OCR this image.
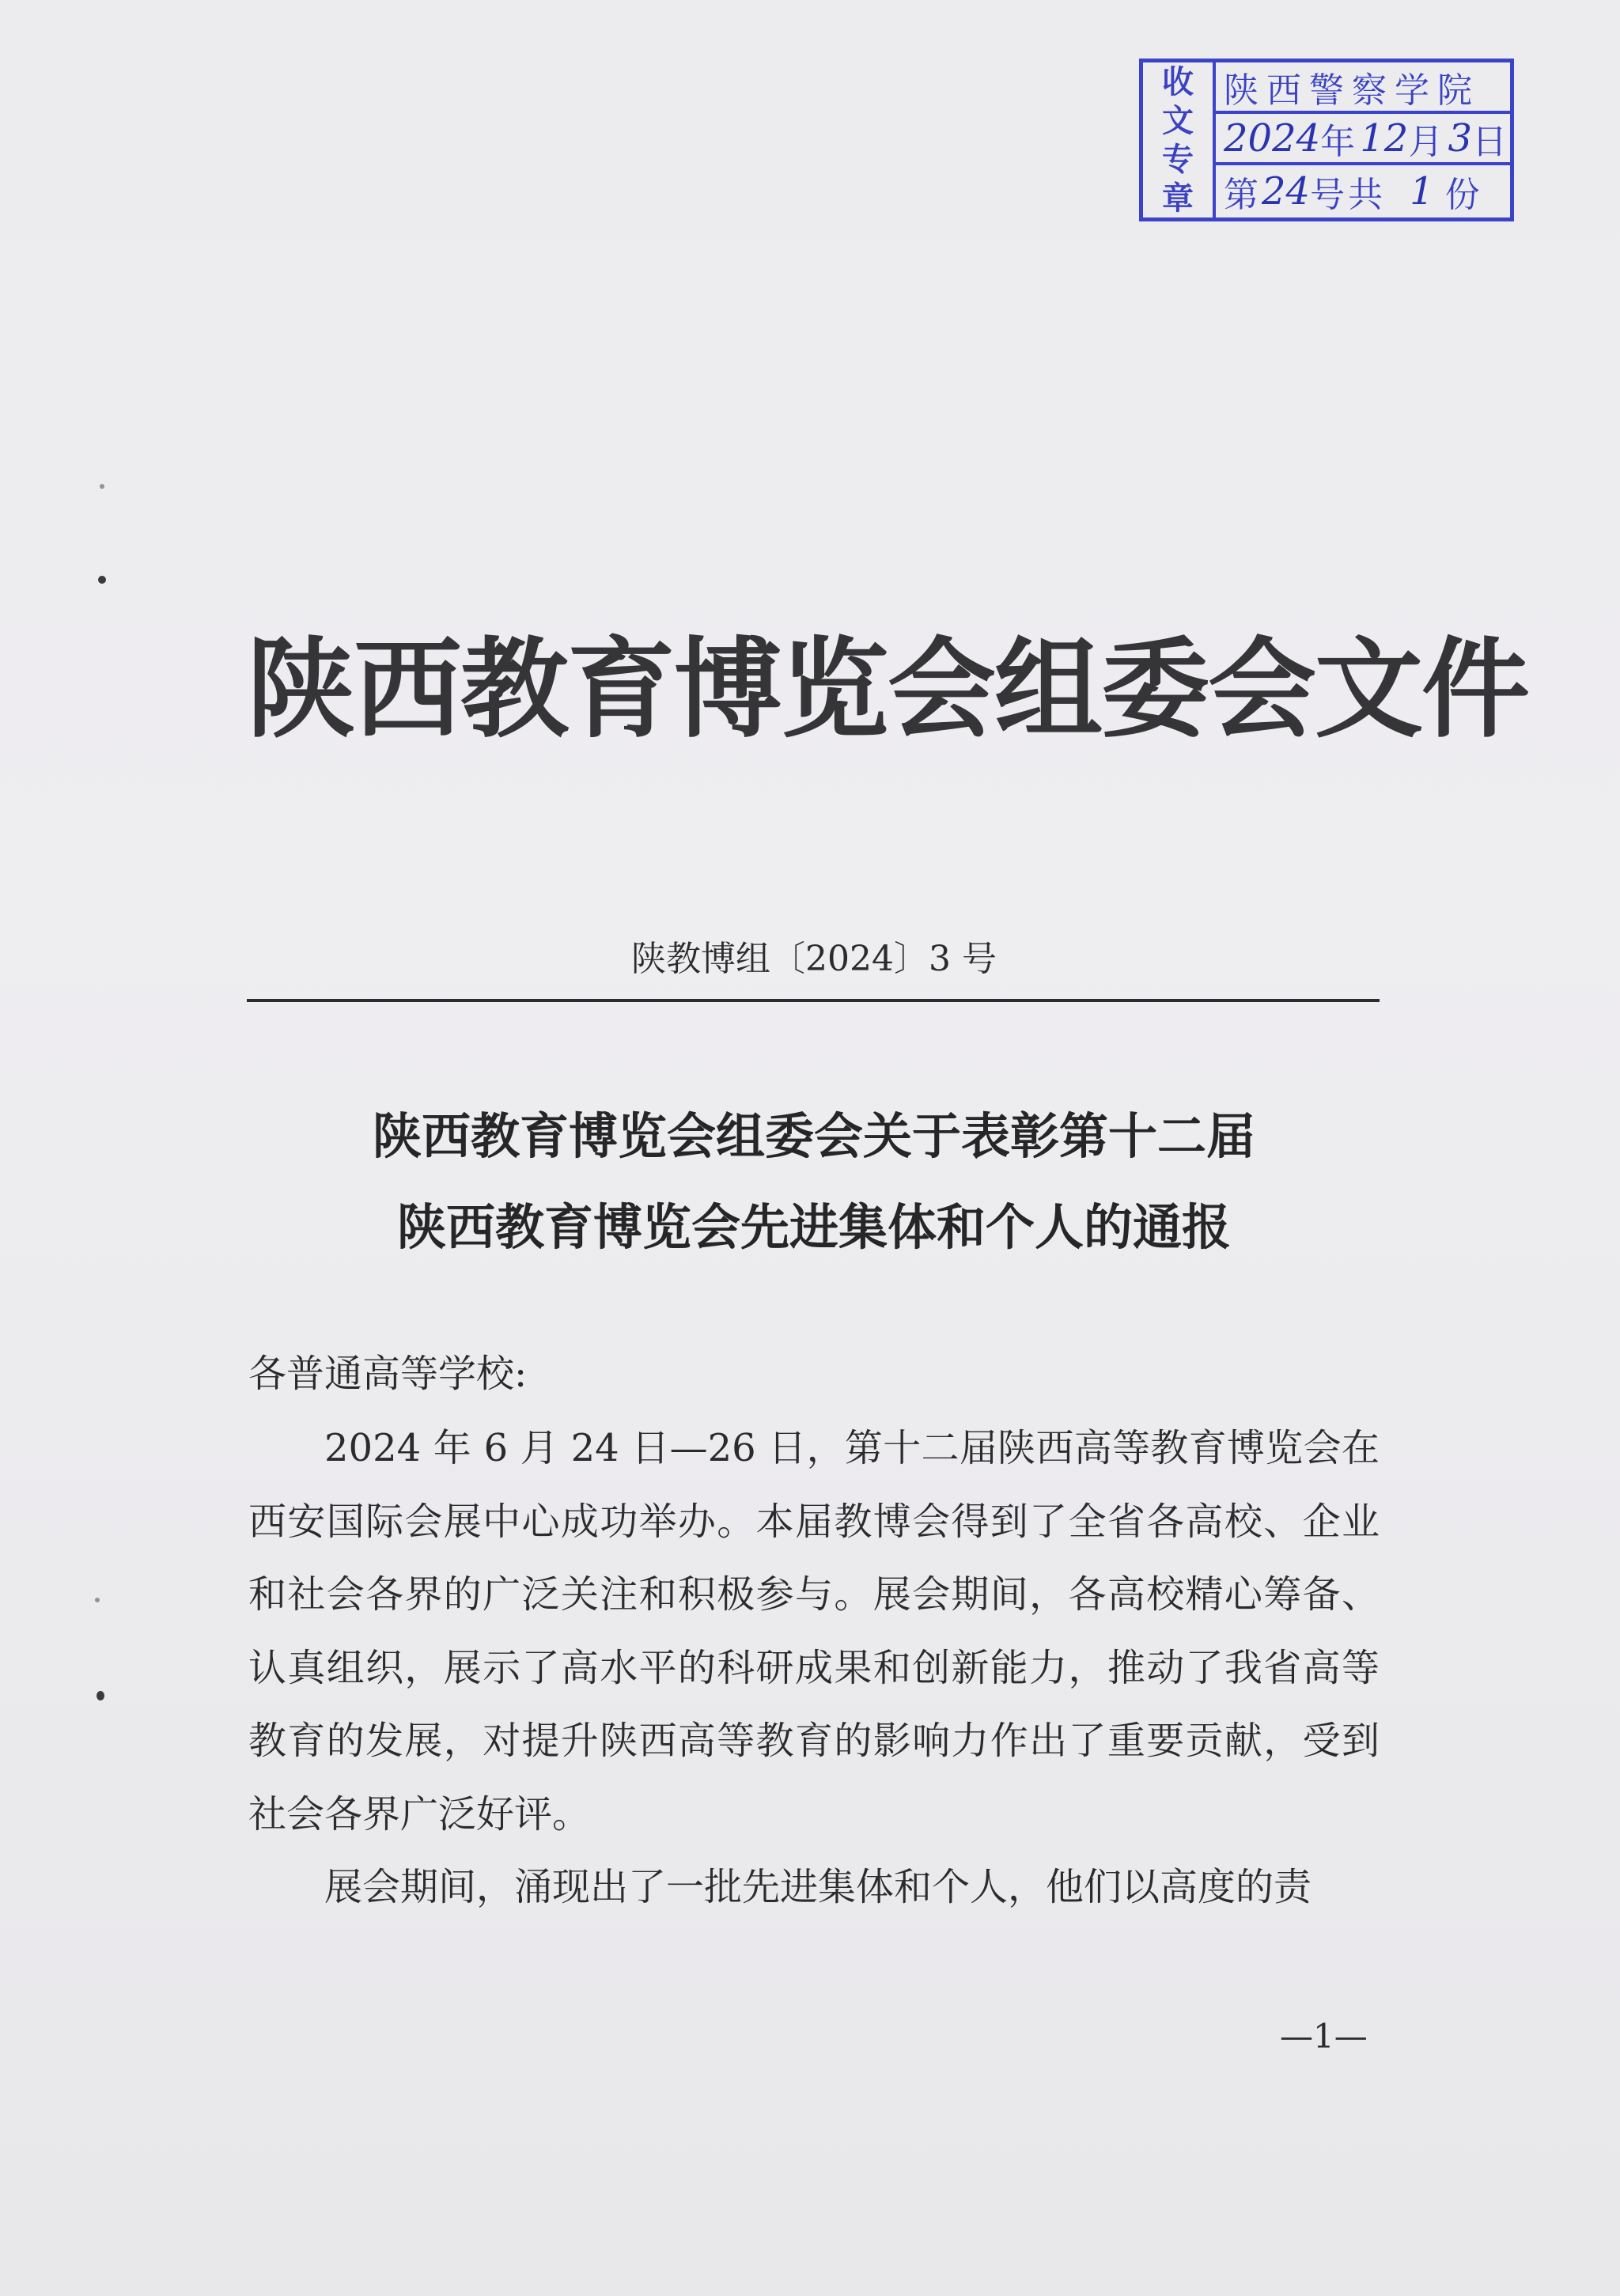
收
文
专
章
陕西警察学院
2024 年 12 月 3 日
第 24 号共 1 份
陕西教育博览会组委会文件
陕教博组〔2024〕3 号
陕西教育博览会组委会关于表彰第十二届
陕西教育博览会先进集体和个人的通报
各普通高等学校:

2024 年 6 月 24 日—26 日，第十二届陕西高等教育博览会在西安国际会展中心成功举办。本届教博会得到了全省各高校、企业和社会各界的广泛关注和积极参与。展会期间，各高校精心筹备、认真组织，展示了高水平的科研成果和创新能力，推动了我省高等教育的发展，对提升陕西高等教育的影响力作出了重要贡献，受到社会各界广泛好评。

展会期间，涌现出了一批先进集体和个人，他们以高度的责

—1—
